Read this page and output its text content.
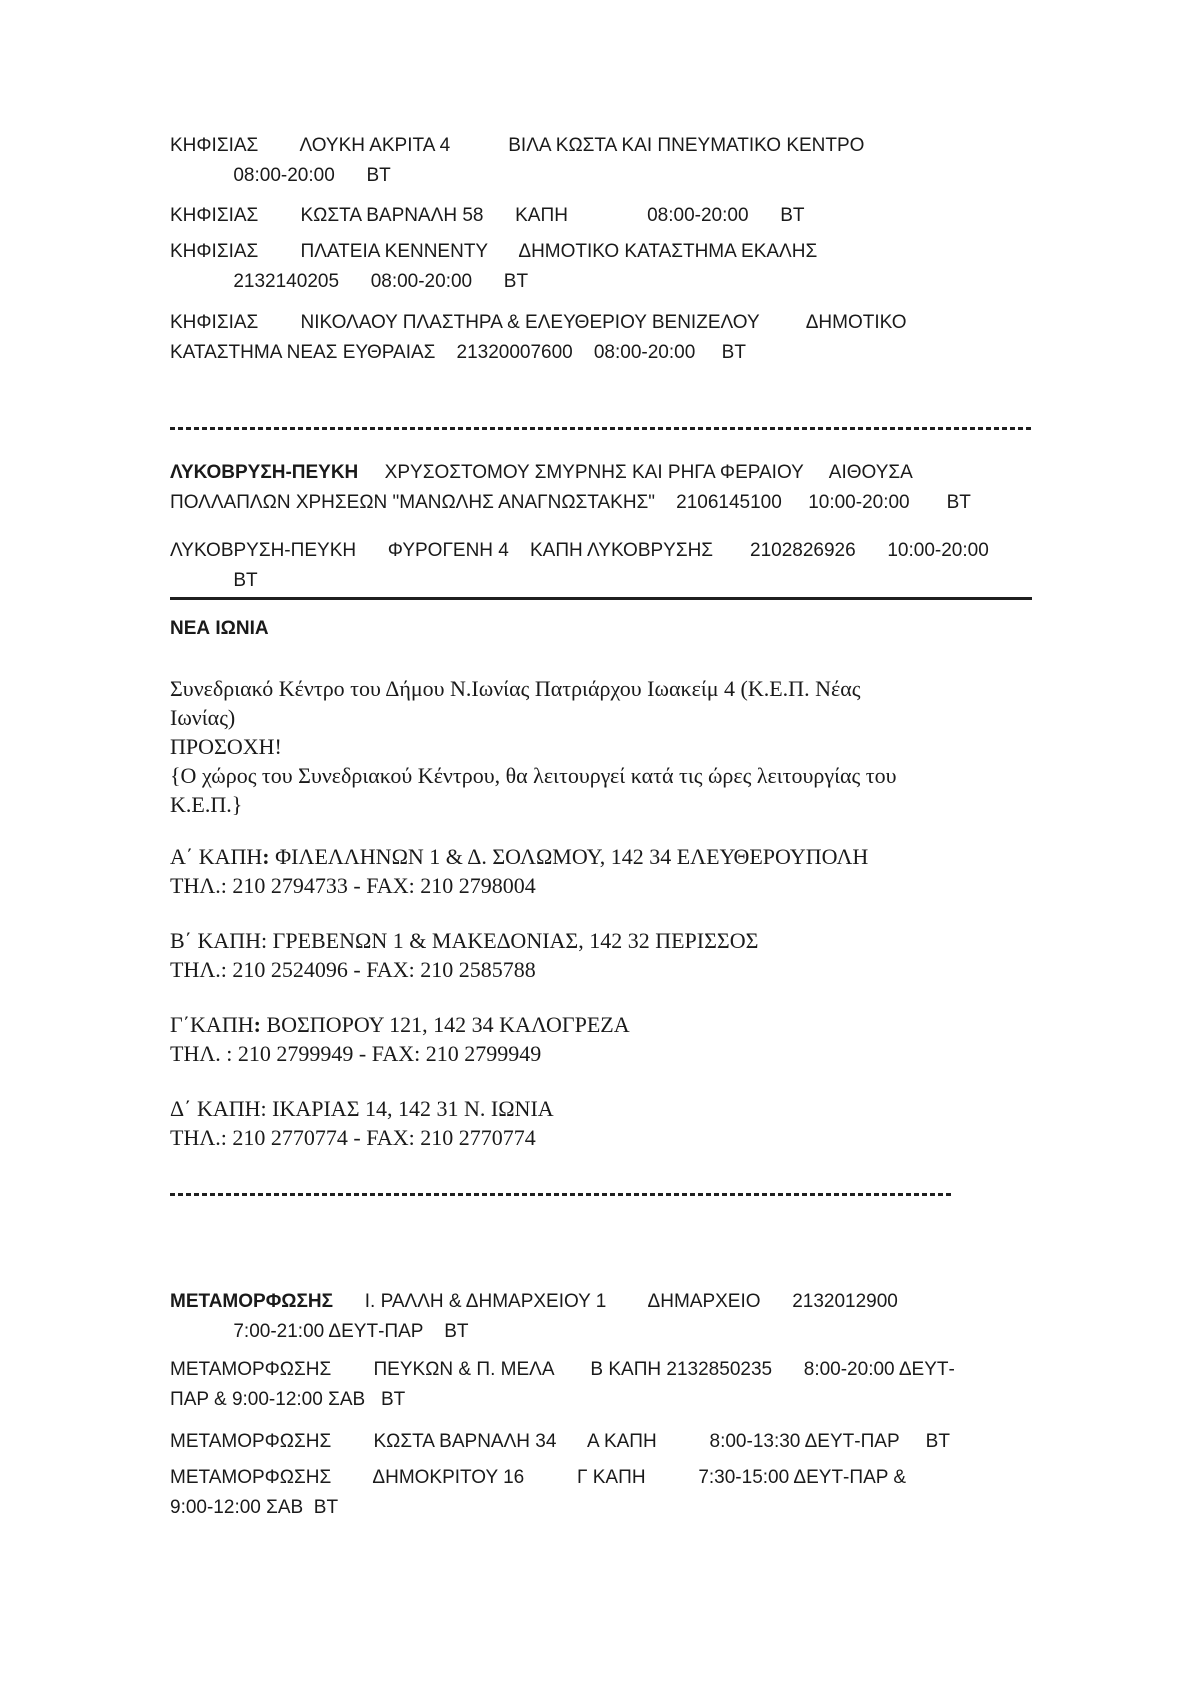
ΚΗΦΙΣΙΑΣ        ΛΟΥΚΗ ΑΚΡΙΤΑ 4           ΒΙΛΑ ΚΩΣΤΑ ΚΑΙ ΠΝΕΥΜΑΤΙΚΟ ΚΕΝΤΡΟ
08:00-20:00      ΒΤ
ΚΗΦΙΣΙΑΣ        ΚΩΣΤΑ ΒΑΡΝΑΛΗ 58      ΚΑΠΗ               08:00-20:00      ΒΤ
ΚΗΦΙΣΙΑΣ        ΠΛΑΤΕΙΑ ΚΕΝΝΕΝΤΥ      ΔΗΜΟΤΙΚΟ ΚΑΤΑΣΤΗΜΑ ΕΚΑΛΗΣ
2132140205      08:00-20:00      ΒΤ
ΚΗΦΙΣΙΑΣ        ΝΙΚΟΛΑΟΥ ΠΛΑΣΤΗΡΑ & ΕΛΕΥΘΕΡΙΟΥ ΒΕΝΙΖΕΛΟΥ         ΔΗΜΟΤΙΚΟ
ΚΑΤΑΣΤΗΜΑ ΝΕΑΣ ΕΥΘΡΑΙΑΣ    21320007600    08:00-20:00     ΒΤ
ΛΥΚΟΒΡΥΣΗ-ΠΕΥΚΗ     ΧΡΥΣΟΣΤΟΜΟΥ ΣΜΥΡΝΗΣ ΚΑΙ ΡΗΓΑ ΦΕΡΑΙΟΥ     ΑΙΘΟΥΣΑ
ΠΟΛΛΑΠΛΩΝ ΧΡΗΣΕΩΝ "ΜΑΝΩΛΗΣ ΑΝΑΓΝΩΣΤΑΚΗΣ"    2106145100     10:00-20:00       ΒΤ
ΛΥΚΟΒΡΥΣΗ-ΠΕΥΚΗ      ΦΥΡΟΓΕΝΗ 4    ΚΑΠΗ ΛΥΚΟΒΡΥΣΗΣ       2102826926      10:00-20:00
ΒΤ
ΝΕΑ ΙΩΝΙΑ
Συνεδριακό Κέντρο του Δήμου Ν.Ιωνίας Πατριάρχου Ιωακείμ 4 (Κ.Ε.Π. Νέας
Ιωνίας)
ΠΡΟΣΟΧΗ!
{Ο χώρος του Συνεδριακού Κέντρου, θα λειτουργεί κατά τις ώρες λειτουργίας του
Κ.Ε.Π.}
Α΄ ΚΑΠΗ: ΦΙΛΕΛΛΗΝΩΝ 1 & Δ. ΣΟΛΩΜΟΥ, 142 34 ΕΛΕΥΘΕΡΟΥΠΟΛΗ
ΤΗΛ.: 210 2794733 - FAX: 210 2798004
Β΄ ΚΑΠΗ: ΓΡΕΒΕΝΩΝ 1 & ΜΑΚΕΔΟΝΙΑΣ, 142 32 ΠΕΡΙΣΣΟΣ
ΤΗΛ.: 210 2524096 - FAX: 210 2585788
Γ΄ΚΑΠΗ: ΒΟΣΠΟΡΟΥ 121, 142 34 ΚΑΛΟΓΡΕΖΑ
ΤΗΛ. : 210 2799949 - FAX: 210 2799949
Δ΄ ΚΑΠΗ: ΙΚΑΡΙΑΣ 14, 142 31 Ν. ΙΩΝΙΑ
ΤΗΛ.: 210 2770774 - FAX: 210 2770774
ΜΕΤΑΜΟΡΦΩΣΗΣ      Ι. ΡΑΛΛΗ & ΔΗΜΑΡΧΕΙΟΥ 1        ΔΗΜΑΡΧΕΙΟ      2132012900
7:00-21:00 ΔΕΥΤ-ΠΑΡ    ΒΤ
ΜΕΤΑΜΟΡΦΩΣΗΣ        ΠΕΥΚΩΝ & Π. ΜΕΛΑ       Β ΚΑΠΗ 2132850235      8:00-20:00 ΔΕΥΤ-
ΠΑΡ & 9:00-12:00 ΣΑΒ   ΒΤ
ΜΕΤΑΜΟΡΦΩΣΗΣ        ΚΩΣΤΑ ΒΑΡΝΑΛΗ 34      Α ΚΑΠΗ          8:00-13:30 ΔΕΥΤ-ΠΑΡ     ΒΤ
ΜΕΤΑΜΟΡΦΩΣΗΣ        ΔΗΜΟΚΡΙΤΟΥ 16          Γ ΚΑΠΗ          7:30-15:00 ΔΕΥΤ-ΠΑΡ &
9:00-12:00 ΣΑΒ  ΒΤ
